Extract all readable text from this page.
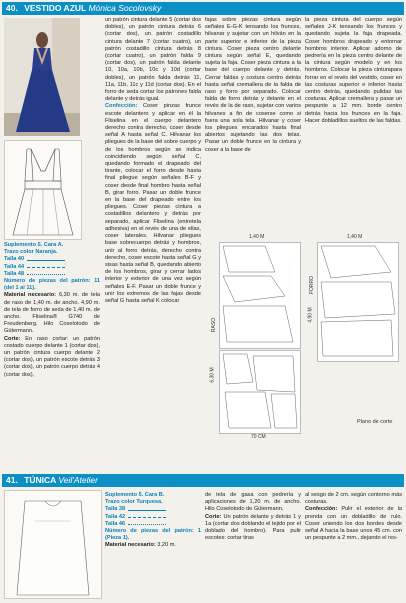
40. VESTIDO AZUL Mónica Socolovsky

Suplemento 5. Cara A.

Trazo color Naranja.

Talla 40
Talla 44
Talla 48

Número de piezas del patrón: 11 (del 1 al 11).

Material necesario: 6,30 m. de tela de raso de 1,40 m. de ancho. 4,90 m. de tela de forro de seda de 1,40 m. de ancho. Fliselina® G740 de Freudenberg. Hilo Coselotodo de Gütermann.

Corte: En raso cortar: un patrón costado cuerpo delante 1 (cortar dos), un patrón cintura cuerpo delante 2 (cortar dos), un patrón escote detrás 3 (cortar dos), un patrón cuerpo detrás 4 (cortar dos),

un patrón cintura delante 5 (cortar dos dobles), un patrón cintura detrás 6 (cortar dos), un patrón costadillo cintura delante 7 (cortar cuatro), un patrón costadillo cintura detrás 8 (cortar cuatro), un patrón falda 9 (cortar dos), un patrón falda delante 10, 10a, 10b, 10c y 10d (cortar dobles), un patrón falda detrás 11, 11a, 11b, 11c y 11d (cortar dos). En el forro de seda cortar los patrones falda delante y detrás igual.

Confección: Coser pinzas frunce escote delantero y aplicar en él la Fliselina en el cuerpo delantero derecho contra derecho, coser desde señal A hasta señal C. Hilvanar los pliegues de la base del sobre cuerpo y de los hombros según se indica coincidiendo según señal C, quedando formado el drapeado del tirante, colocar el forro desde hasta final pliegue según señales B-F y coser desde final hombro hasta señal B, girar forro. Pasar un doble frunce en la base del drapeado entre los pliegues. Coser piezas cintura a costadillos delantero y detrás por separado, aplicar Fliselina (entretela adhesiva) en el revés de una de ellas, coser laterales. Hilvanar pliegues base sobrecuerpo detrás y hombros, unir al forro detrás, derecho contra derecho, coser escote hasta señal G y sisas hasta señal B, quedando abierto de los hombros, girar y cerrar lados interior y exterior de una vez según señales E-F. Pasar un doble frunce y unir los extremos de las fajas desde señal G hasta señal K colocar

fajas sobre piezas cintura según señales E-G-K tensando los frunces, hilvanar y sujetar con un hilván en la parte superior e inferior de la pieza cintura. Coser pieza centro delante cintura según señal E, quedando sujeta la faja. Coser pieza cintura a la base del cuerpo delante y detrás. Cerrar faldas y costura centro detrás hasta señal cremallera de la falda de raso y forro por separado. Colocar falda de forro detrás y delante en el revés de la de raso, sujetar con varios hilvanes a fin de coserse como si fuera una sola tela. Hilvanar y coser los pliegues encarados hasta final abiertos sujetando las dos telas. Pasar un doble frunce en la cintura y coser a la base de

la pieza cintura del cuerpo según señales J-K tensando los frunces y quedando sujeta la faja drapeada. Coser hombros drapeado y entornar hombros interior. Aplicar adorno de pedrería en la pieza centro delante de la cintura según modelo y en los hombros. Colocar la pieza cinturapara forrar en el revés del vestido, coser en las costuras superior e inferior hasta centro detrás, quedando pulidas las costuras. Aplicar cremallera y pasar un pespunte a 12 mm. borde centro detrás hacia los frunces en la faja. Hacer dobladillos sueltos de las faldas.

1,40 M
RASO
6,30 M
70 CM
1,40 M
FORRO
4,90 M
Plano de corte
41. TÚNICA Veil'Atelier

Suplemento 5. Cara B.

Trazo color Turquesa.

Talla 38
Talla 42
Talla 46

Número de piezas del patrón: 1 (Pieza 1).

Material necesario: 3,20 m.

de tela de gasa con pedrería y aplicaciones de 1,20 m. de ancho. Hilo Coselotodo de Gütermann.

Corte: Un patrón delante y detrás 1 y 1a (cortar dos doblando el tejido por el doblado del hombro). Para pulir escotes: cortar tiras

al sesgo de 2 cm. según contorno más costuras.

Confección: Pulir el exterior de la prenda con un dobladillo de rulo. Coser uniendo los dos bordes desde señal A hacia la base unos 45 cm. con un pespunte a 2 mm., dejando el res-
